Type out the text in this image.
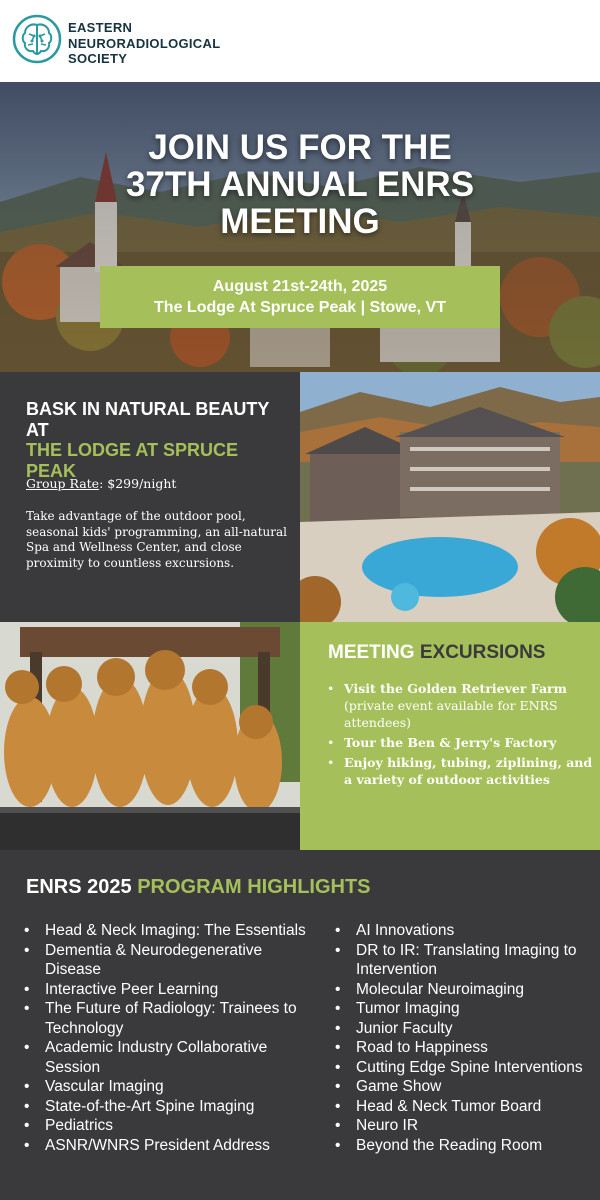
EASTERN
NEURORADIOLOGICAL
SOCIETY
JOIN US FOR THE
37TH ANNUAL ENRS
MEETING
August 21st-24th, 2025
The Lodge At Spruce Peak | Stowe, VT
BASK IN NATURAL BEAUTY AT
THE LODGE AT SPRUCE PEAK
Group Rate: $299/night
Take advantage of the outdoor pool, seasonal kids' programming, an all-natural Spa and Wellness Center, and close proximity to countless excursions.
MEETING EXCURSIONS
• Visit the Golden Retriever Farm (private event available for ENRS attendees)
• Tour the Ben & Jerry's Factory
• Enjoy hiking, tubing, ziplining, and a variety of outdoor activities
ENRS 2025 PROGRAM HIGHLIGHTS
• Head & Neck Imaging: The Essentials
• Dementia & Neurodegenerative Disease
• Interactive Peer Learning
• The Future of Radiology: Trainees to Technology
• Academic Industry Collaborative Session
• Vascular Imaging
• State-of-the-Art Spine Imaging
• Pediatrics
• ASNR/WNRS President Address
• AI Innovations
• DR to IR: Translating Imaging to Intervention
• Molecular Neuroimaging
• Tumor Imaging
• Junior Faculty
• Road to Happiness
• Cutting Edge Spine Interventions
• Game Show
• Head & Neck Tumor Board
• Neuro IR
• Beyond the Reading Room
